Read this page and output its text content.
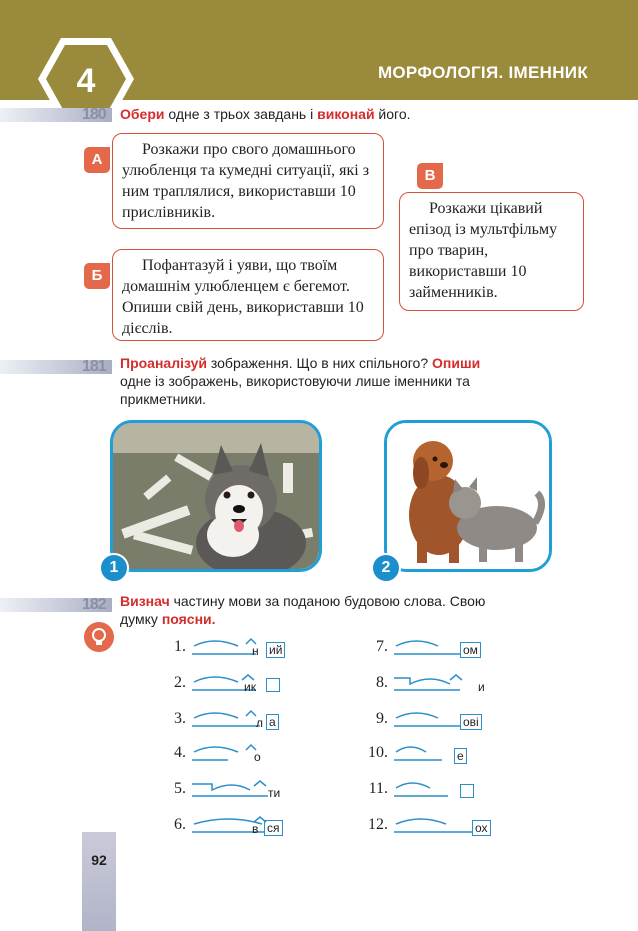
4	МОРФОЛОГІЯ. ІМЕННИК
180 Обери одне з трьох завдань і виконай його.
А

Розкажи про свого домашнього улюбленця та кумедні ситуації, які з ним траплялися, використавши 10 прислівників.

Б

Пофантазуй і уяви, що твоїм домашнім улюбленцем є бегемот. Опиши свій день, використавши 10 дієслів.

В

Розкажи цікавий епізод із мультфільму про тварин, використавши 10 займенників.

181 Проаналізуй зображення. Що в них спільного? Опиши
одне із зображень, використовуючи лише іменники та
прикметники.
1	2
182 Визнач частину мови за поданою будовою слова. Свою
думку поясни.
1.	н ий
2.	ик
3.	л а
4.	о
5.	ти
6.	в ся
7.	ом
8.	и
9.	ові
10.	е
11.
12.	ох
92
